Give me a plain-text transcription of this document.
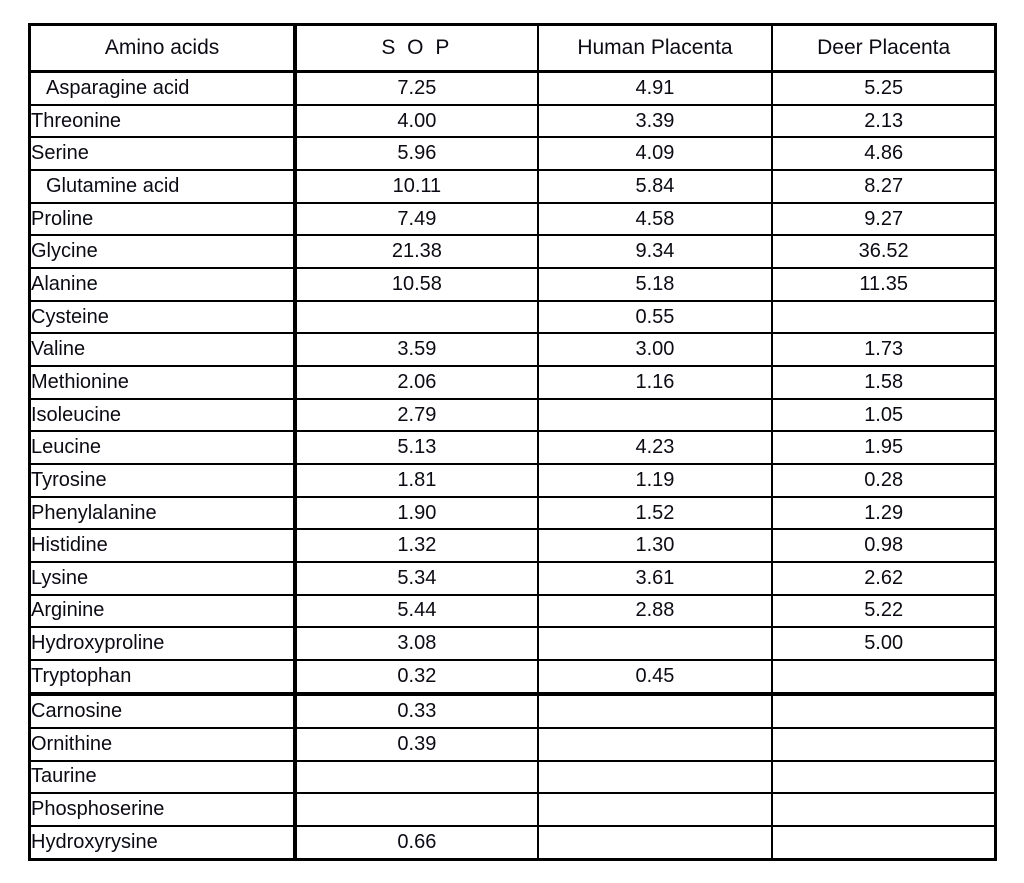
Amino acids	S O P	Human Placenta	Deer Placenta
Asparagine acid	7.25	4.91	5.25
Threonine	4.00	3.39	2.13
Serine	5.96	4.09	4.86
Glutamine acid	10.11	5.84	8.27
Proline	7.49	4.58	9.27
Glycine	21.38	9.34	36.52
Alanine	10.58	5.18	11.35
Cysteine		0.55	
Valine	3.59	3.00	1.73
Methionine	2.06	1.16	1.58
Isoleucine	2.79		1.05
Leucine	5.13	4.23	1.95
Tyrosine	1.81	1.19	0.28
Phenylalanine	1.90	1.52	1.29
Histidine	1.32	1.30	0.98
Lysine	5.34	3.61	2.62
Arginine	5.44	2.88	5.22
Hydroxyproline	3.08		5.00
Tryptophan	0.32	0.45	

Carnosine	0.33		
Ornithine	0.39		
Taurine			
Phosphoserine			
Hydroxyrysine	0.66		
